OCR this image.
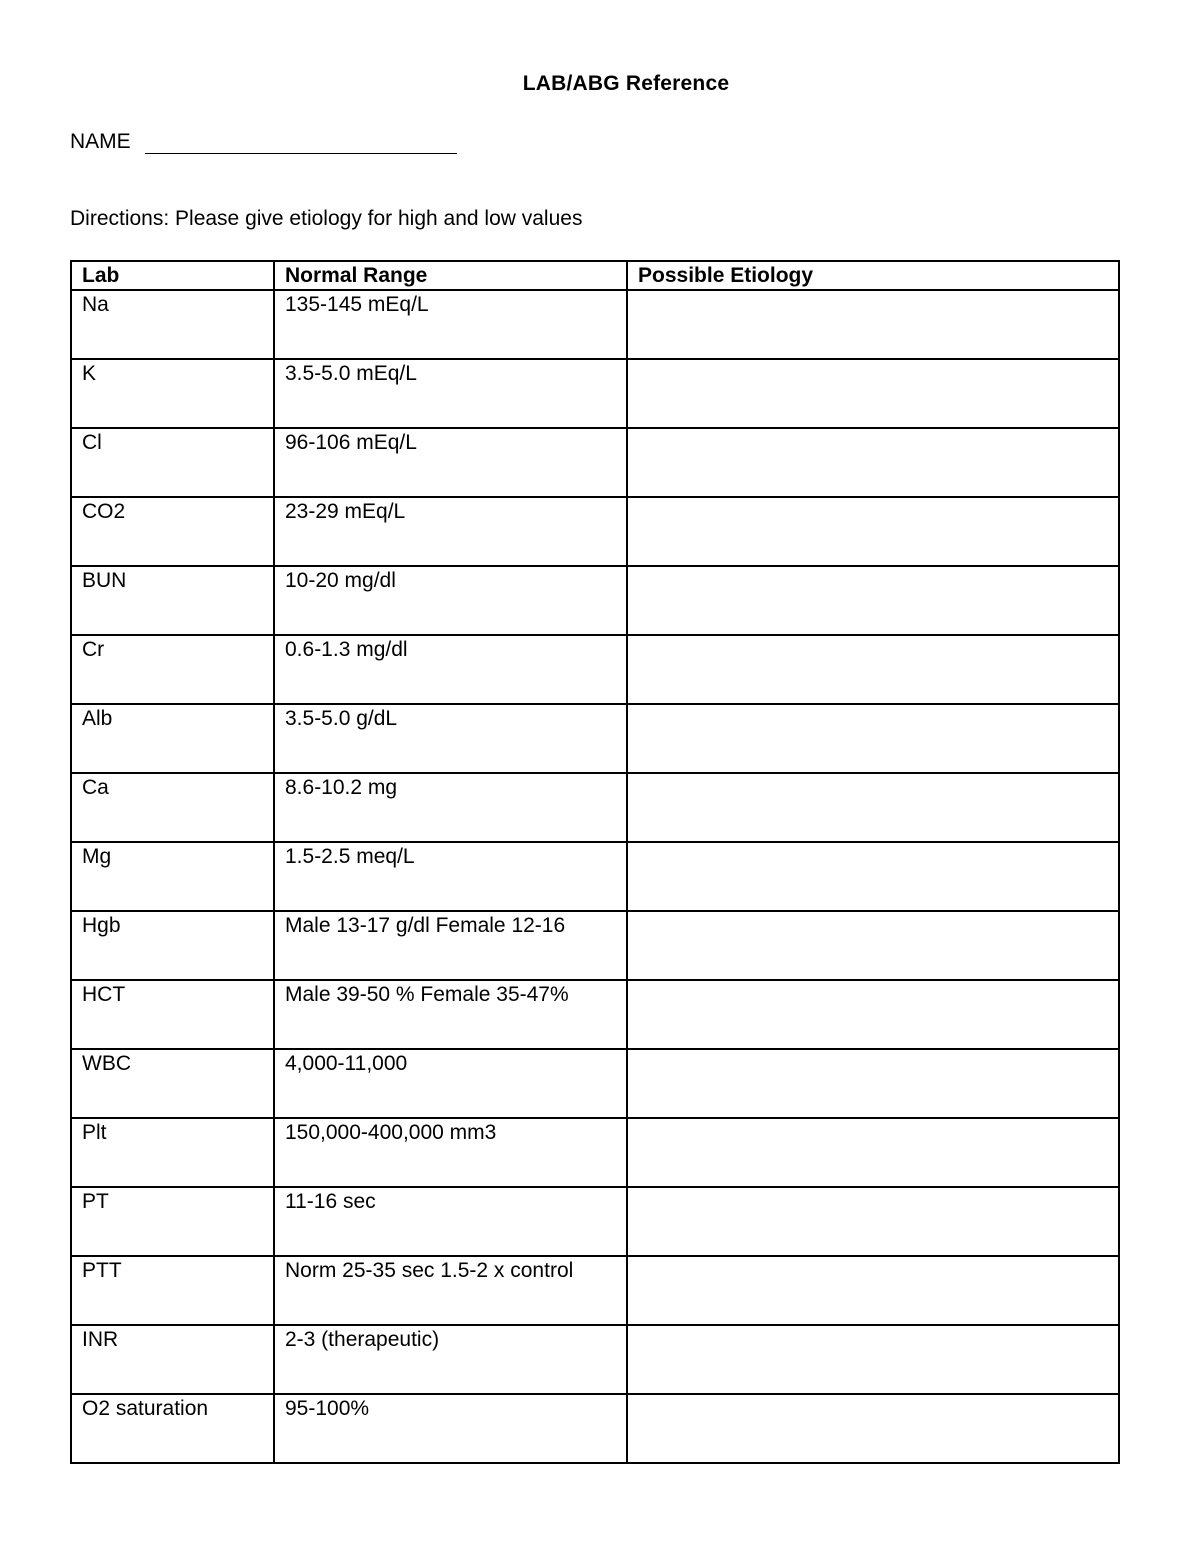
LAB/ABG Reference
NAME
Directions: Please give etiology for high and low values
Lab	Normal Range	Possible Etiology
Na	135-145 mEq/L	
K	3.5-5.0 mEq/L	
Cl	96-106 mEq/L	
CO2	23-29 mEq/L	
BUN	10-20 mg/dl	
Cr	0.6-1.3 mg/dl	
Alb	3.5-5.0 g/dL	
Ca	8.6-10.2 mg	
Mg	1.5-2.5 meq/L	
Hgb	Male 13-17 g/dl Female 12-16	
HCT	Male 39-50 % Female 35-47%	
WBC	4,000-11,000	
Plt	150,000-400,000 mm3	
PT	11-16 sec	
PTT	Norm 25-35 sec 1.5-2 x control	
INR	2-3 (therapeutic)	
O2 saturation	95-100%	
